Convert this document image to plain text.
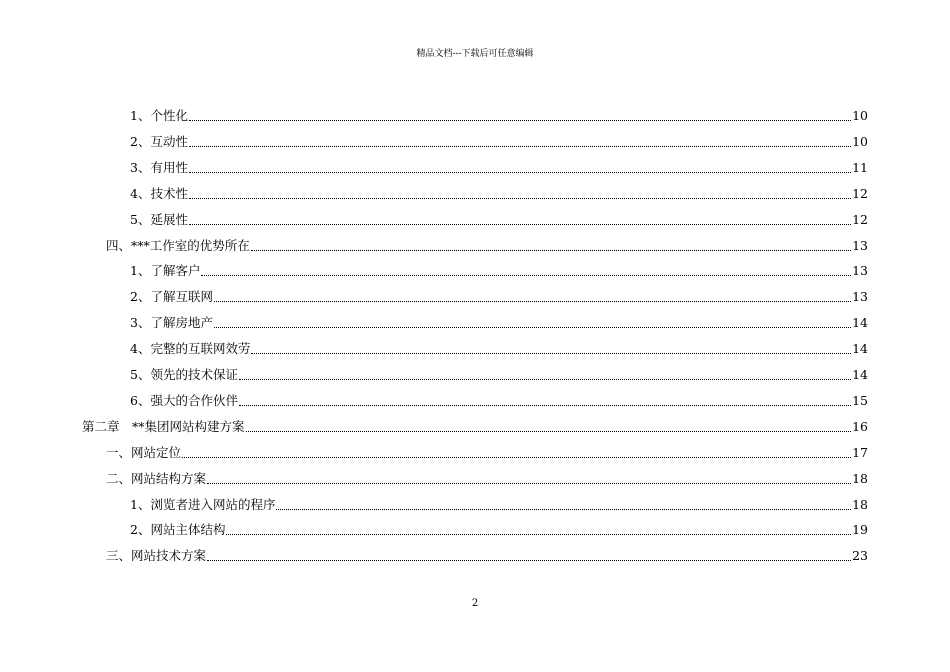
精品文档---下载后可任意编辑
1、个性化	10
2、互动性	10
3、有用性	11
4、技术性	12
5、延展性	12
四、***工作室的优势所在	13
1、了解客户	13
2、了解互联网	13
3、了解房地产	14
4、完整的互联网效劳	14
5、领先的技术保证	14
6、强大的合作伙伴	15
第二章　**集团网站构建方案	16
一、网站定位	17
二、网站结构方案	18
1、浏览者进入网站的程序	18
2、网站主体结构	19
三、网站技术方案	23
2
